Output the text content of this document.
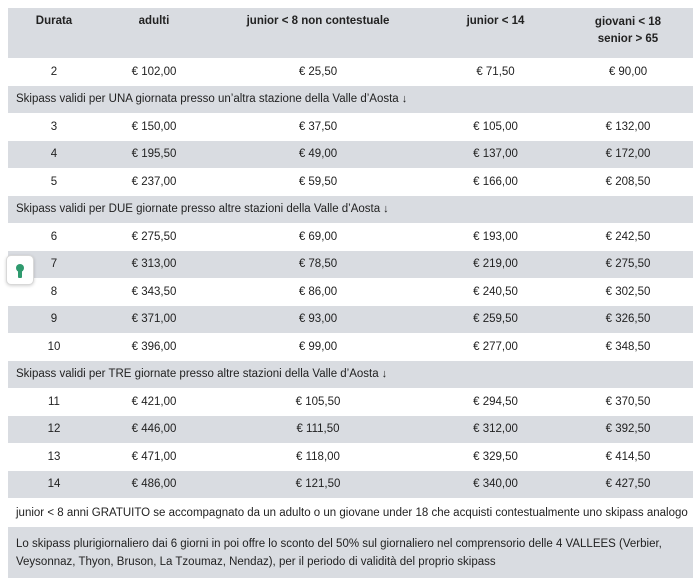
Durata	adulti	junior < 8 non contestuale	junior < 14	giovani < 18
senior > 65
2	€ 102,00	€ 25,50	€ 71,50	€ 90,00
Skipass validi per UNA giornata presso un’altra stazione della Valle d’Aosta ↓				
3	€ 150,00	€ 37,50	€ 105,00	€ 132,00
4	€ 195,50	€ 49,00	€ 137,00	€ 172,00
5	€ 237,00	€ 59,50	€ 166,00	€ 208,50
Skipass validi per DUE giornate presso altre stazioni della Valle d’Aosta ↓				
6	€ 275,50	€ 69,00	€ 193,00	€ 242,50
7	€ 313,00	€ 78,50	€ 219,00	€ 275,50
8	€ 343,50	€ 86,00	€ 240,50	€ 302,50
9	€ 371,00	€ 93,00	€ 259,50	€ 326,50
10	€ 396,00	€ 99,00	€ 277,00	€ 348,50
Skipass validi per TRE giornate presso altre stazioni della Valle d’Aosta ↓				
11	€ 421,00	€ 105,50	€ 294,50	€ 370,50
12	€ 446,00	€ 111,50	€ 312,00	€ 392,50
13	€ 471,00	€ 118,00	€ 329,50	€ 414,50
14	€ 486,00	€ 121,50	€ 340,00	€ 427,50
junior < 8 anni GRATUITO se accompagnato da un adulto o un giovane under 18 che acquisti contestualmente uno skipass analogo				
Lo skipass plurigiornaliero dai 6 giorni in poi offre lo sconto del 50% sul giornaliero nel comprensorio delle 4 VALLEES (Verbier, Veysonnaz, Thyon, Bruson, La Tzoumaz, Nendaz), per il periodo di validità del proprio skipass				
